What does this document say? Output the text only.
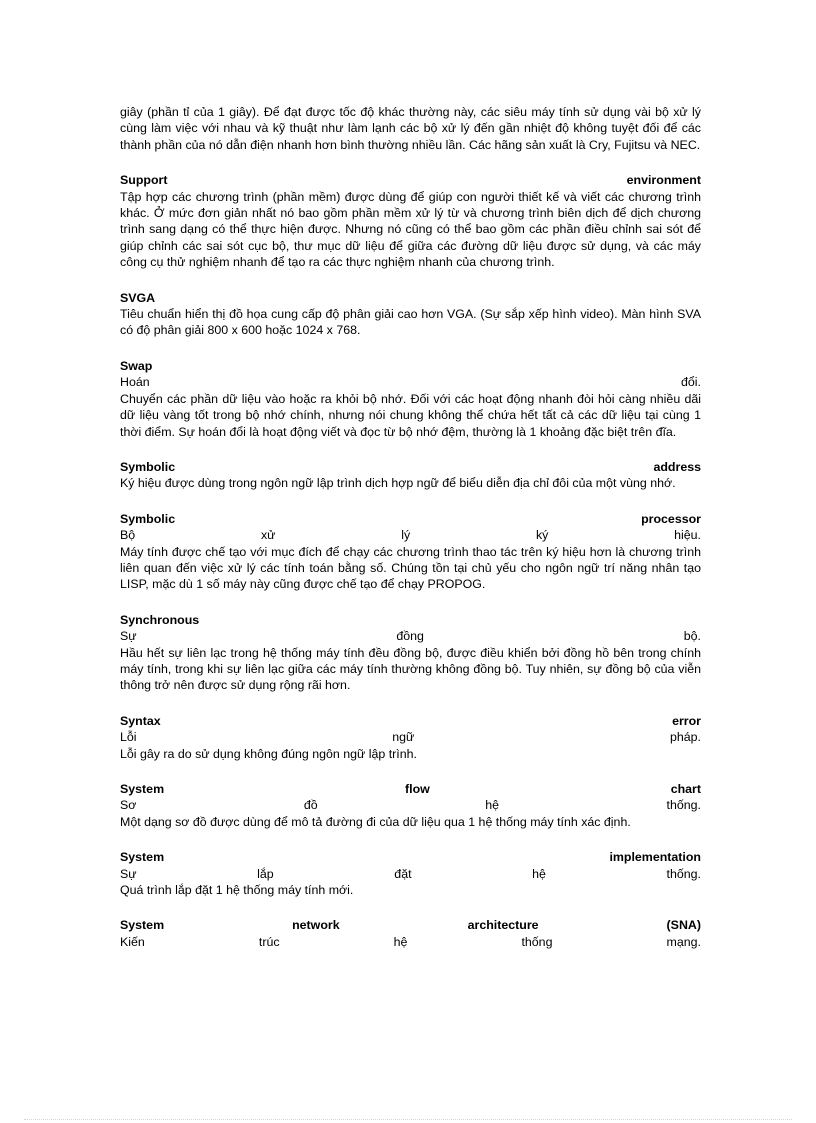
giây (phần tỉ của 1 giây). Để đạt được tốc độ khác thường này, các siêu máy tính sử dụng vài bộ xử lý cùng làm việc với nhau và kỹ thuật như làm lạnh các bộ xử lý đến gần nhiệt độ không tuyệt đối để các thành phần của nó dẫn điện nhanh hơn bình thường nhiều lần. Các hãng sản xuất là Cry, Fujitsu và NEC.

Support	environment

Tập hợp các chương trình (phần mềm) được dùng để giúp con người thiết kế và viết các chương trình khác. Ở mức đơn giản nhất nó bao gồm phần mềm xử lý từ và chương trình biên dịch để dịch chương trình sang dạng có thể thực hiện được. Nhưng nó cũng có thể bao gồm các phần điều chỉnh sai sót để giúp chỉnh các sai sót cục bộ, thư mục dữ liệu để giữa các đường dữ liệu được sử dụng, và các máy công cụ thử nghiệm nhanh để tạo ra các thực nghiệm nhanh của chương trình.

SVGA

Tiêu chuẩn hiển thị đồ họa cung cấp độ phân giải cao hơn VGA. (Sự sắp xếp hình video). Màn hình SVA có độ phân giải 800 x 600 hoặc 1024 x 768.

Swap
Hoán	đổi.

Chuyển các phần dữ liệu vào hoặc ra khỏi bộ nhớ. Đối với các hoạt động nhanh đòi hỏi càng nhiều dãi dữ liệu vàng tốt trong bộ nhớ chính, nhưng nói chung không thể chứa hết tất cả các dữ liệu tại cùng 1 thời điểm. Sự hoán đổi là hoạt động viết và đọc từ bộ nhớ đệm, thường là 1 khoảng đặc biệt trên đĩa.

Symbolic	address

Ký hiệu được dùng trong ngôn ngữ lập trình dịch hợp ngữ để biểu diễn địa chỉ đôi của một vùng nhớ.

Symbolic	processor
Bộ	xử	lý	ký	hiệu.

Máy tính được chế tạo với mục đích để chạy các chương trình thao tác trên ký hiệu hơn là chương trình liên quan đến việc xử lý các tính toán bằng số. Chúng tồn tại chủ yếu cho ngôn ngữ trí năng nhân tạo LISP, mặc dù 1 số máy này cũng được chế tạo để chạy PROPOG.

Synchronous
Sự	đồng	bộ.

Hầu hết sự liên lạc trong hệ thống máy tính đều đồng bộ, được điều khiển bởi đồng hồ bên trong chính máy tính, trong khi sự liên lạc giữa các máy tính thường không đồng bộ. Tuy nhiên, sự đồng bộ của viễn thông trở nên được sử dụng rộng rãi hơn.

Syntax	error
Lỗi	ngữ	pháp.

Lỗi gây ra do sử dụng không đúng ngôn ngữ lập trình.

System	flow	chart
Sơ	đồ	hệ	thống.

Một dạng sơ đồ được dùng để mô tả đường đi của dữ liệu qua 1 hệ thống máy tính xác định.

System	implementation
Sự	lắp	đặt	hệ	thống.

Quá trình lắp đặt 1 hệ thống máy tính mới.

System	network	architecture	(SNA)
Kiến	trúc	hệ	thống	mạng.
